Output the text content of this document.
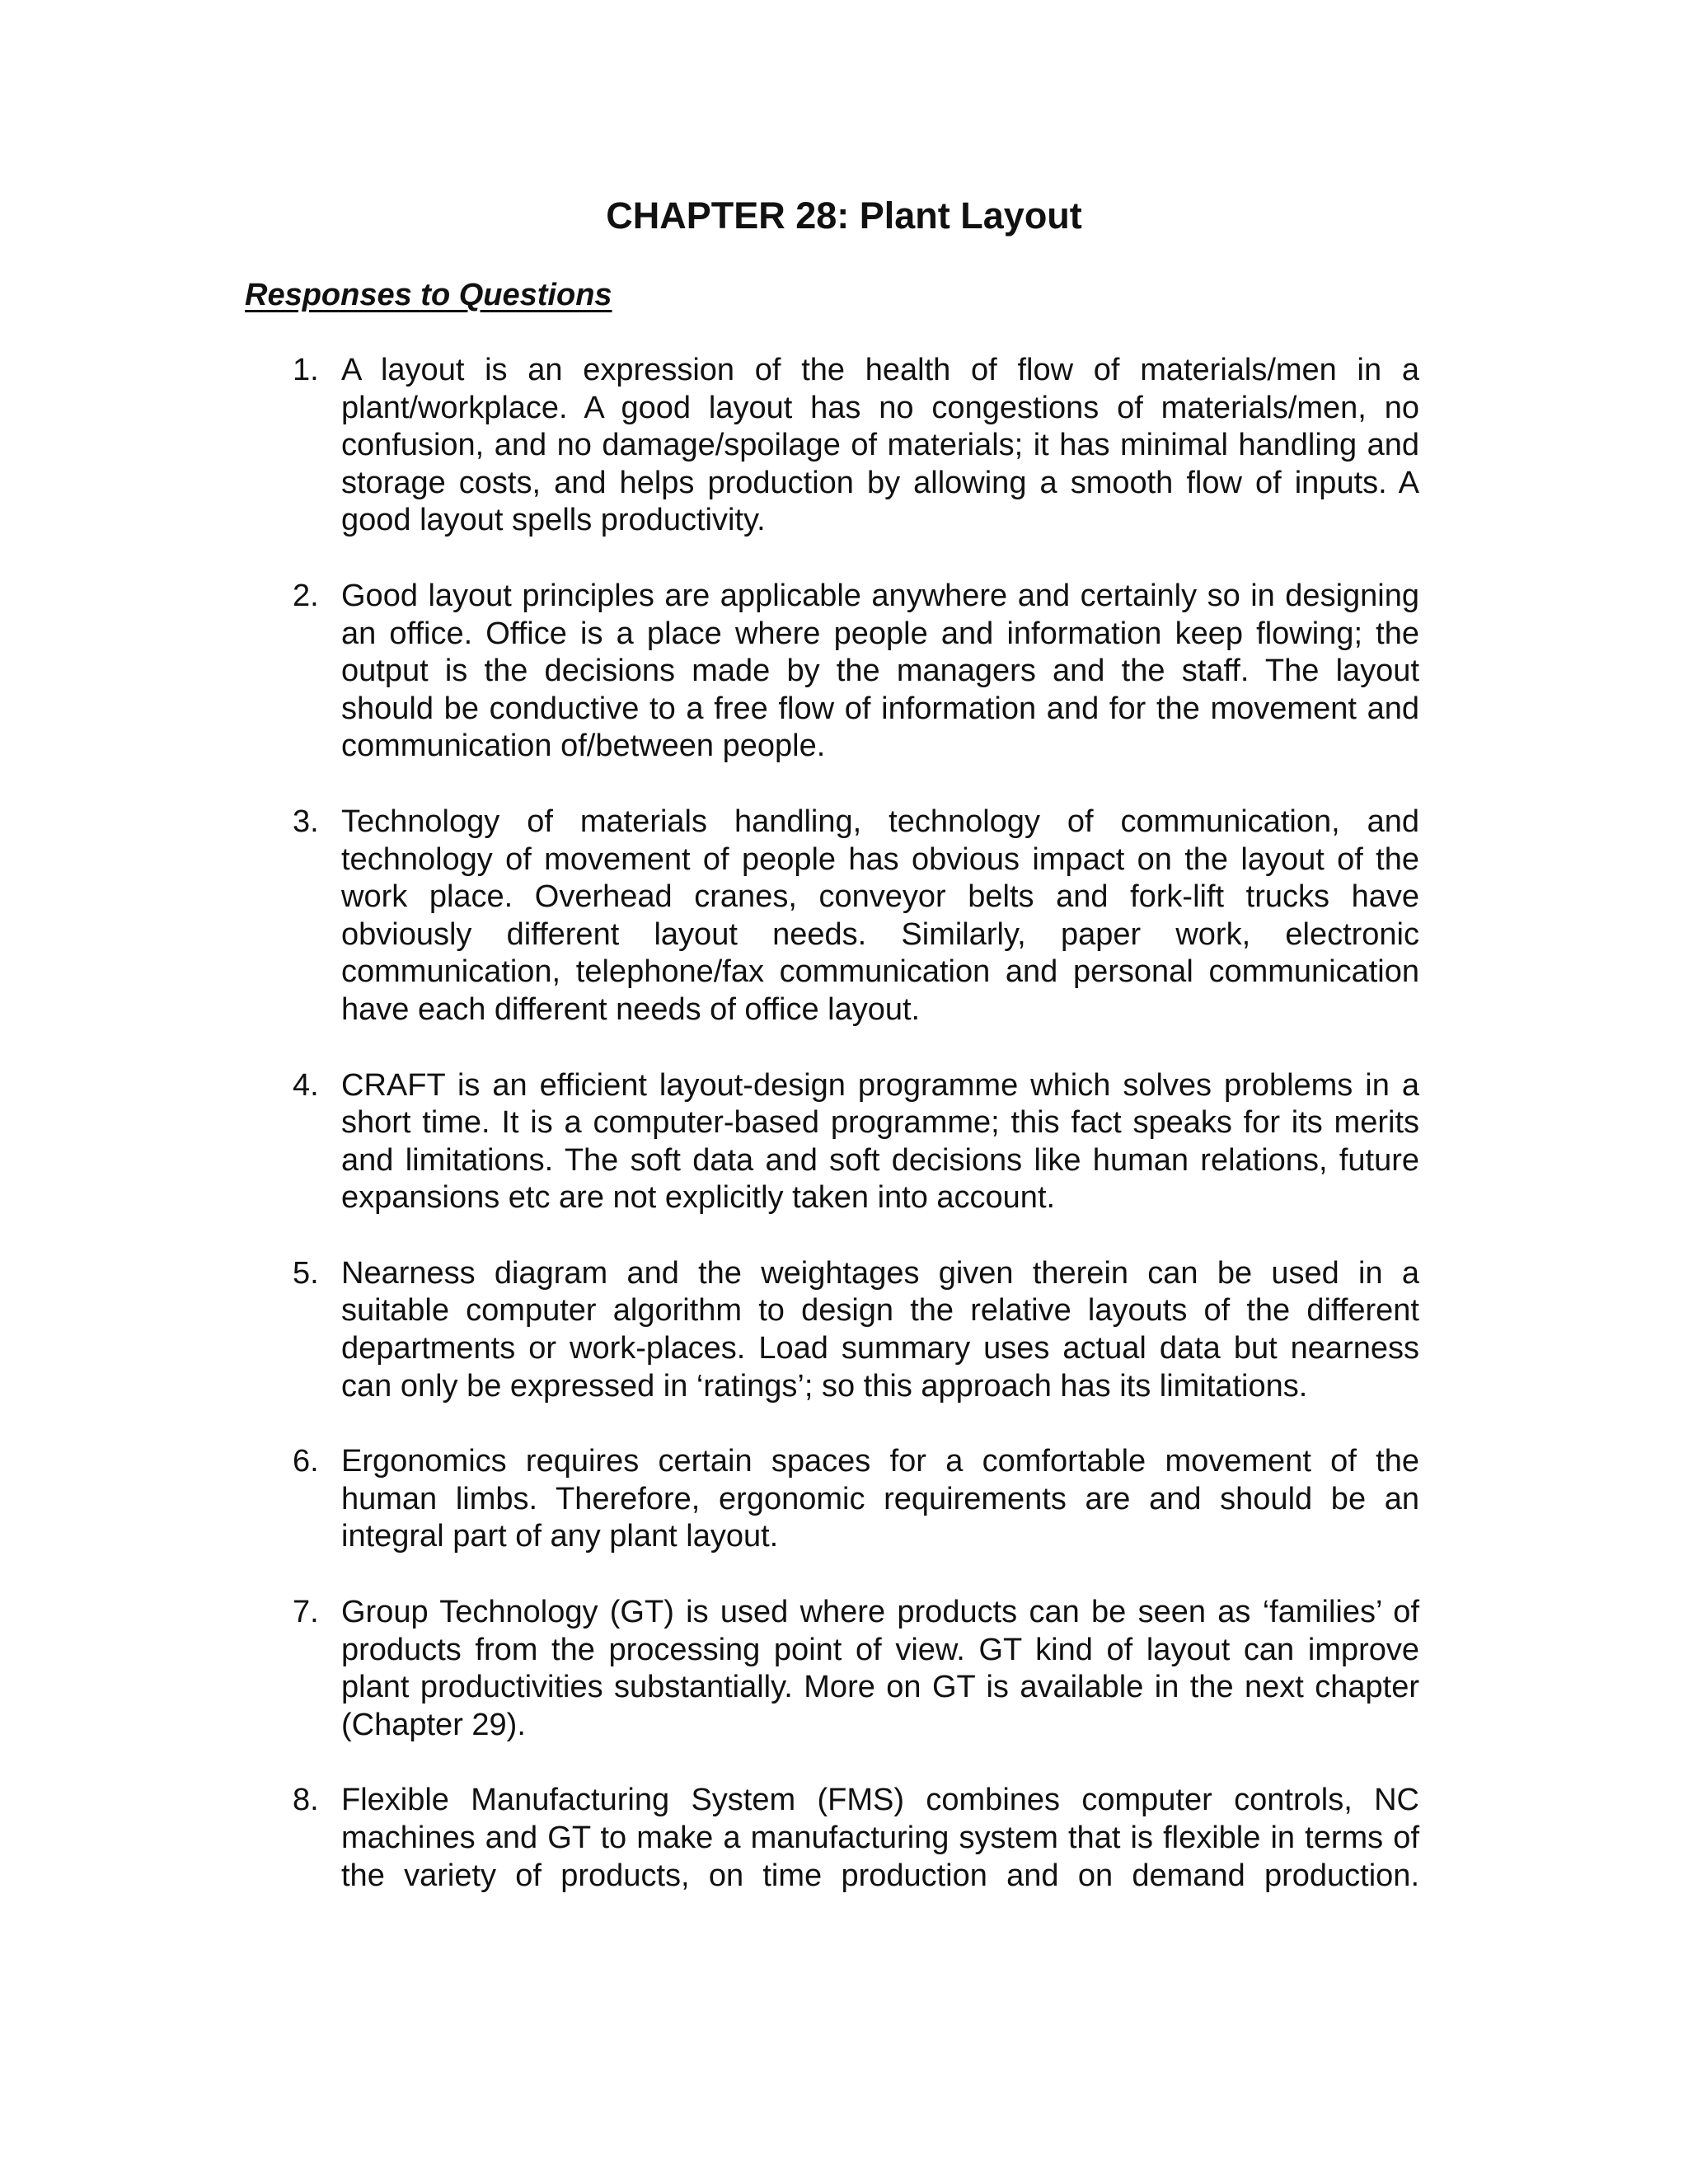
CHAPTER 28: Plant Layout
Responses to Questions
1. A layout is an expression of the health of flow of materials/men in a plant/workplace. A good layout has no congestions of materials/men, no confusion, and no damage/spoilage of materials; it has minimal handling and storage costs, and helps production by allowing a smooth flow of inputs. A good layout spells productivity.
2. Good layout principles are applicable anywhere and certainly so in designing an office. Office is a place where people and information keep flowing; the output is the decisions made by the managers and the staff. The layout should be conductive to a free flow of information and for the movement and communication of/between people.
3. Technology of materials handling, technology of communication, and technology of movement of people has obvious impact on the layout of the work place. Overhead cranes, conveyor belts and fork-lift trucks have obviously different layout needs. Similarly, paper work, electronic communication, telephone/fax communication and personal communication have each different needs of office layout.
4. CRAFT is an efficient layout-design programme which solves problems in a short time. It is a computer-based programme; this fact speaks for its merits and limitations. The soft data and soft decisions like human relations, future expansions etc are not explicitly taken into account.
5. Nearness diagram and the weightages given therein can be used in a suitable computer algorithm to design the relative layouts of the different departments or work-places. Load summary uses actual data but nearness can only be expressed in ‘ratings’; so this approach has its limitations.
6. Ergonomics requires certain spaces for a comfortable movement of the human limbs. Therefore, ergonomic requirements are and should be an integral part of any plant layout.
7. Group Technology (GT) is used where products can be seen as ‘families’ of products from the processing point of view. GT kind of layout can improve plant productivities substantially. More on GT is available in the next chapter (Chapter 29).
8. Flexible Manufacturing System (FMS) combines computer controls, NC machines and GT to make a manufacturing system that is flexible in terms of the variety of products, on time production and on demand production.
